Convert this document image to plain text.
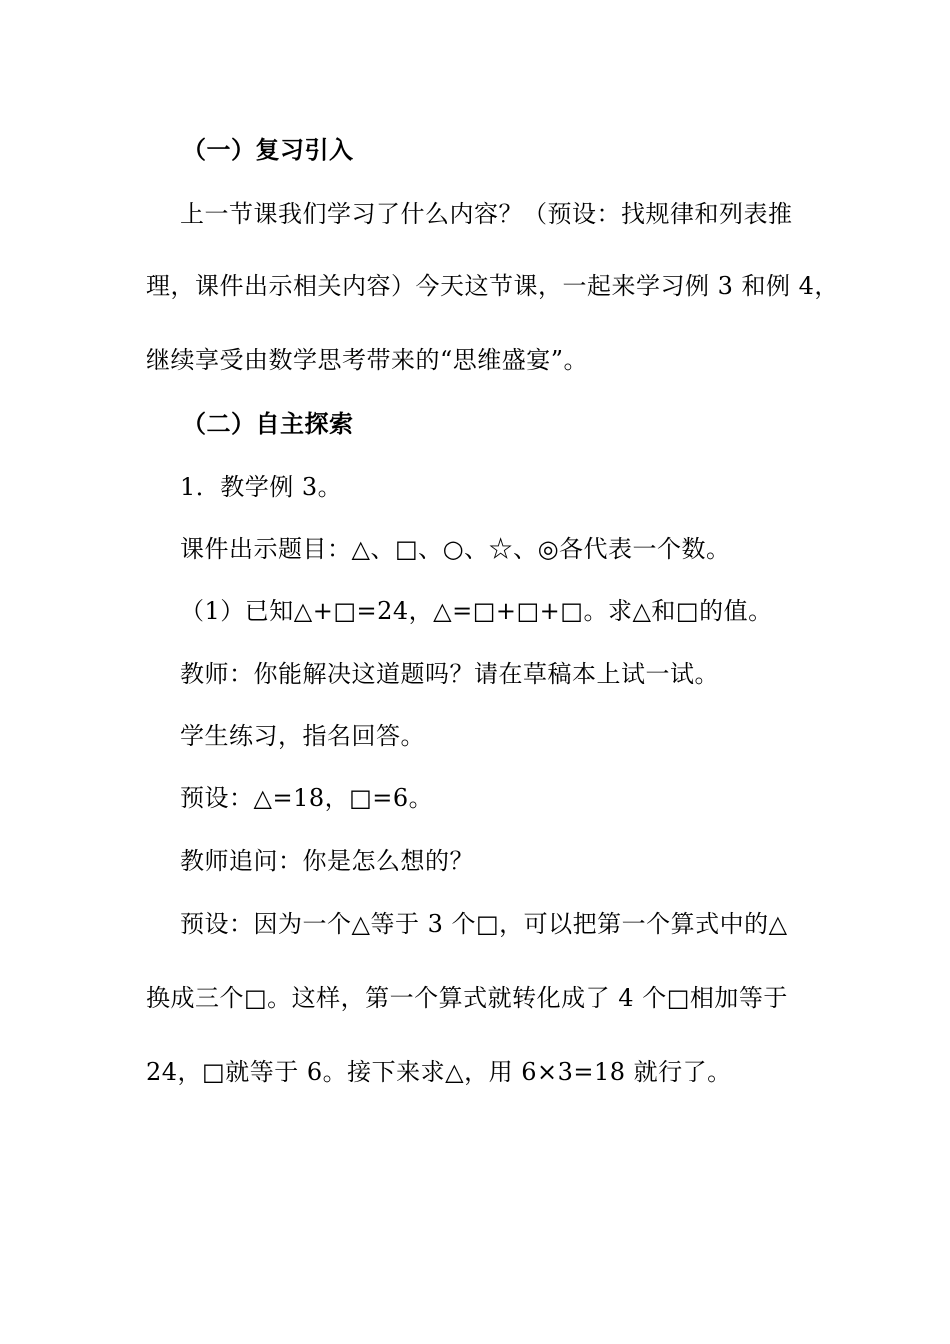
（一）复习引入
上一节课我们学习了什么内容？（预设：找规律和列表推
理，课件出示相关内容）今天这节课，一起来学习例 3 和例 4，
继续享受由数学思考带来的“思维盛宴”。
（二）自主探索
1．教学例 3。
课件出示题目：△、□、○、☆、◎各代表一个数。
（1）已知△+□=24，△=□+□+□。求△和□的值。
教师：你能解决这道题吗？请在草稿本上试一试。
学生练习，指名回答。
预设：△=18，□=6。
教师追问：你是怎么想的？
预设：因为一个△等于 3 个□，可以把第一个算式中的△
换成三个□。这样，第一个算式就转化成了 4 个□相加等于
24，□就等于 6。接下来求△，用 6×3=18 就行了。
